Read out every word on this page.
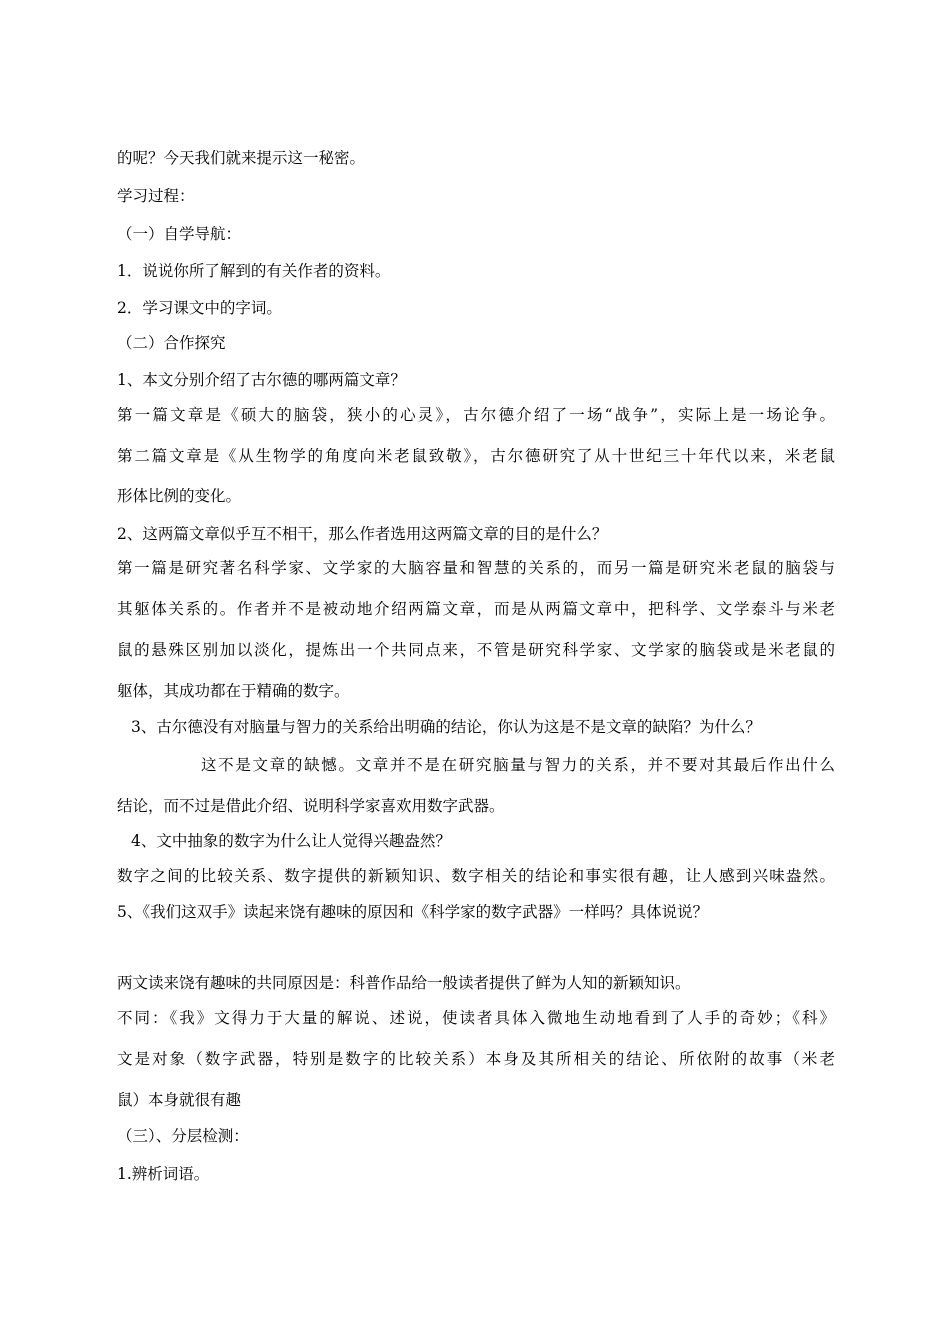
的呢？今天我们就来提示这一秘密。
学习过程：
（一）自学导航：
1．说说你所了解到的有关作者的资料。
2．学习课文中的字词。
（二）合作探究
1、本文分别介绍了古尔德的哪两篇文章？
第一篇文章是《硕大的脑袋，狭小的心灵》，古尔德介绍了一场“战争”，实际上是一场论争。
第二篇文章是《从生物学的角度向米老鼠致敬》，古尔德研究了从十世纪三十年代以来，米老鼠
形体比例的变化。
2、这两篇文章似乎互不相干，那么作者选用这两篇文章的目的是什么？
第一篇是研究著名科学家、文学家的大脑容量和智慧的关系的，而另一篇是研究米老鼠的脑袋与
其躯体关系的。作者并不是被动地介绍两篇文章，而是从两篇文章中，把科学、文学泰斗与米老
鼠的悬殊区别加以淡化，提炼出一个共同点来，不管是研究科学家、文学家的脑袋或是米老鼠的
躯体，其成功都在于精确的数字。
3、古尔德没有对脑量与智力的关系给出明确的结论，你认为这是不是文章的缺陷？为什么？
这不是文章的缺憾。文章并不是在研究脑量与智力的关系，并不要对其最后作出什么
结论，而不过是借此介绍、说明科学家喜欢用数字武器。
4、文中抽象的数字为什么让人觉得兴趣盎然？
数字之间的比较关系、数字提供的新颖知识、数字相关的结论和事实很有趣，让人感到兴味盎然。
5、《我们这双手》读起来饶有趣味的原因和《科学家的数字武器》一样吗？具体说说？
两文读来饶有趣味的共同原因是：科普作品给一般读者提供了鲜为人知的新颖知识。
不同：《我》文得力于大量的解说、述说，使读者具体入微地生动地看到了人手的奇妙；《科》
文是对象（数字武器，特别是数字的比较关系）本身及其所相关的结论、所依附的故事（米老
鼠）本身就很有趣
（三）、分层检测：
1.辨析词语。
